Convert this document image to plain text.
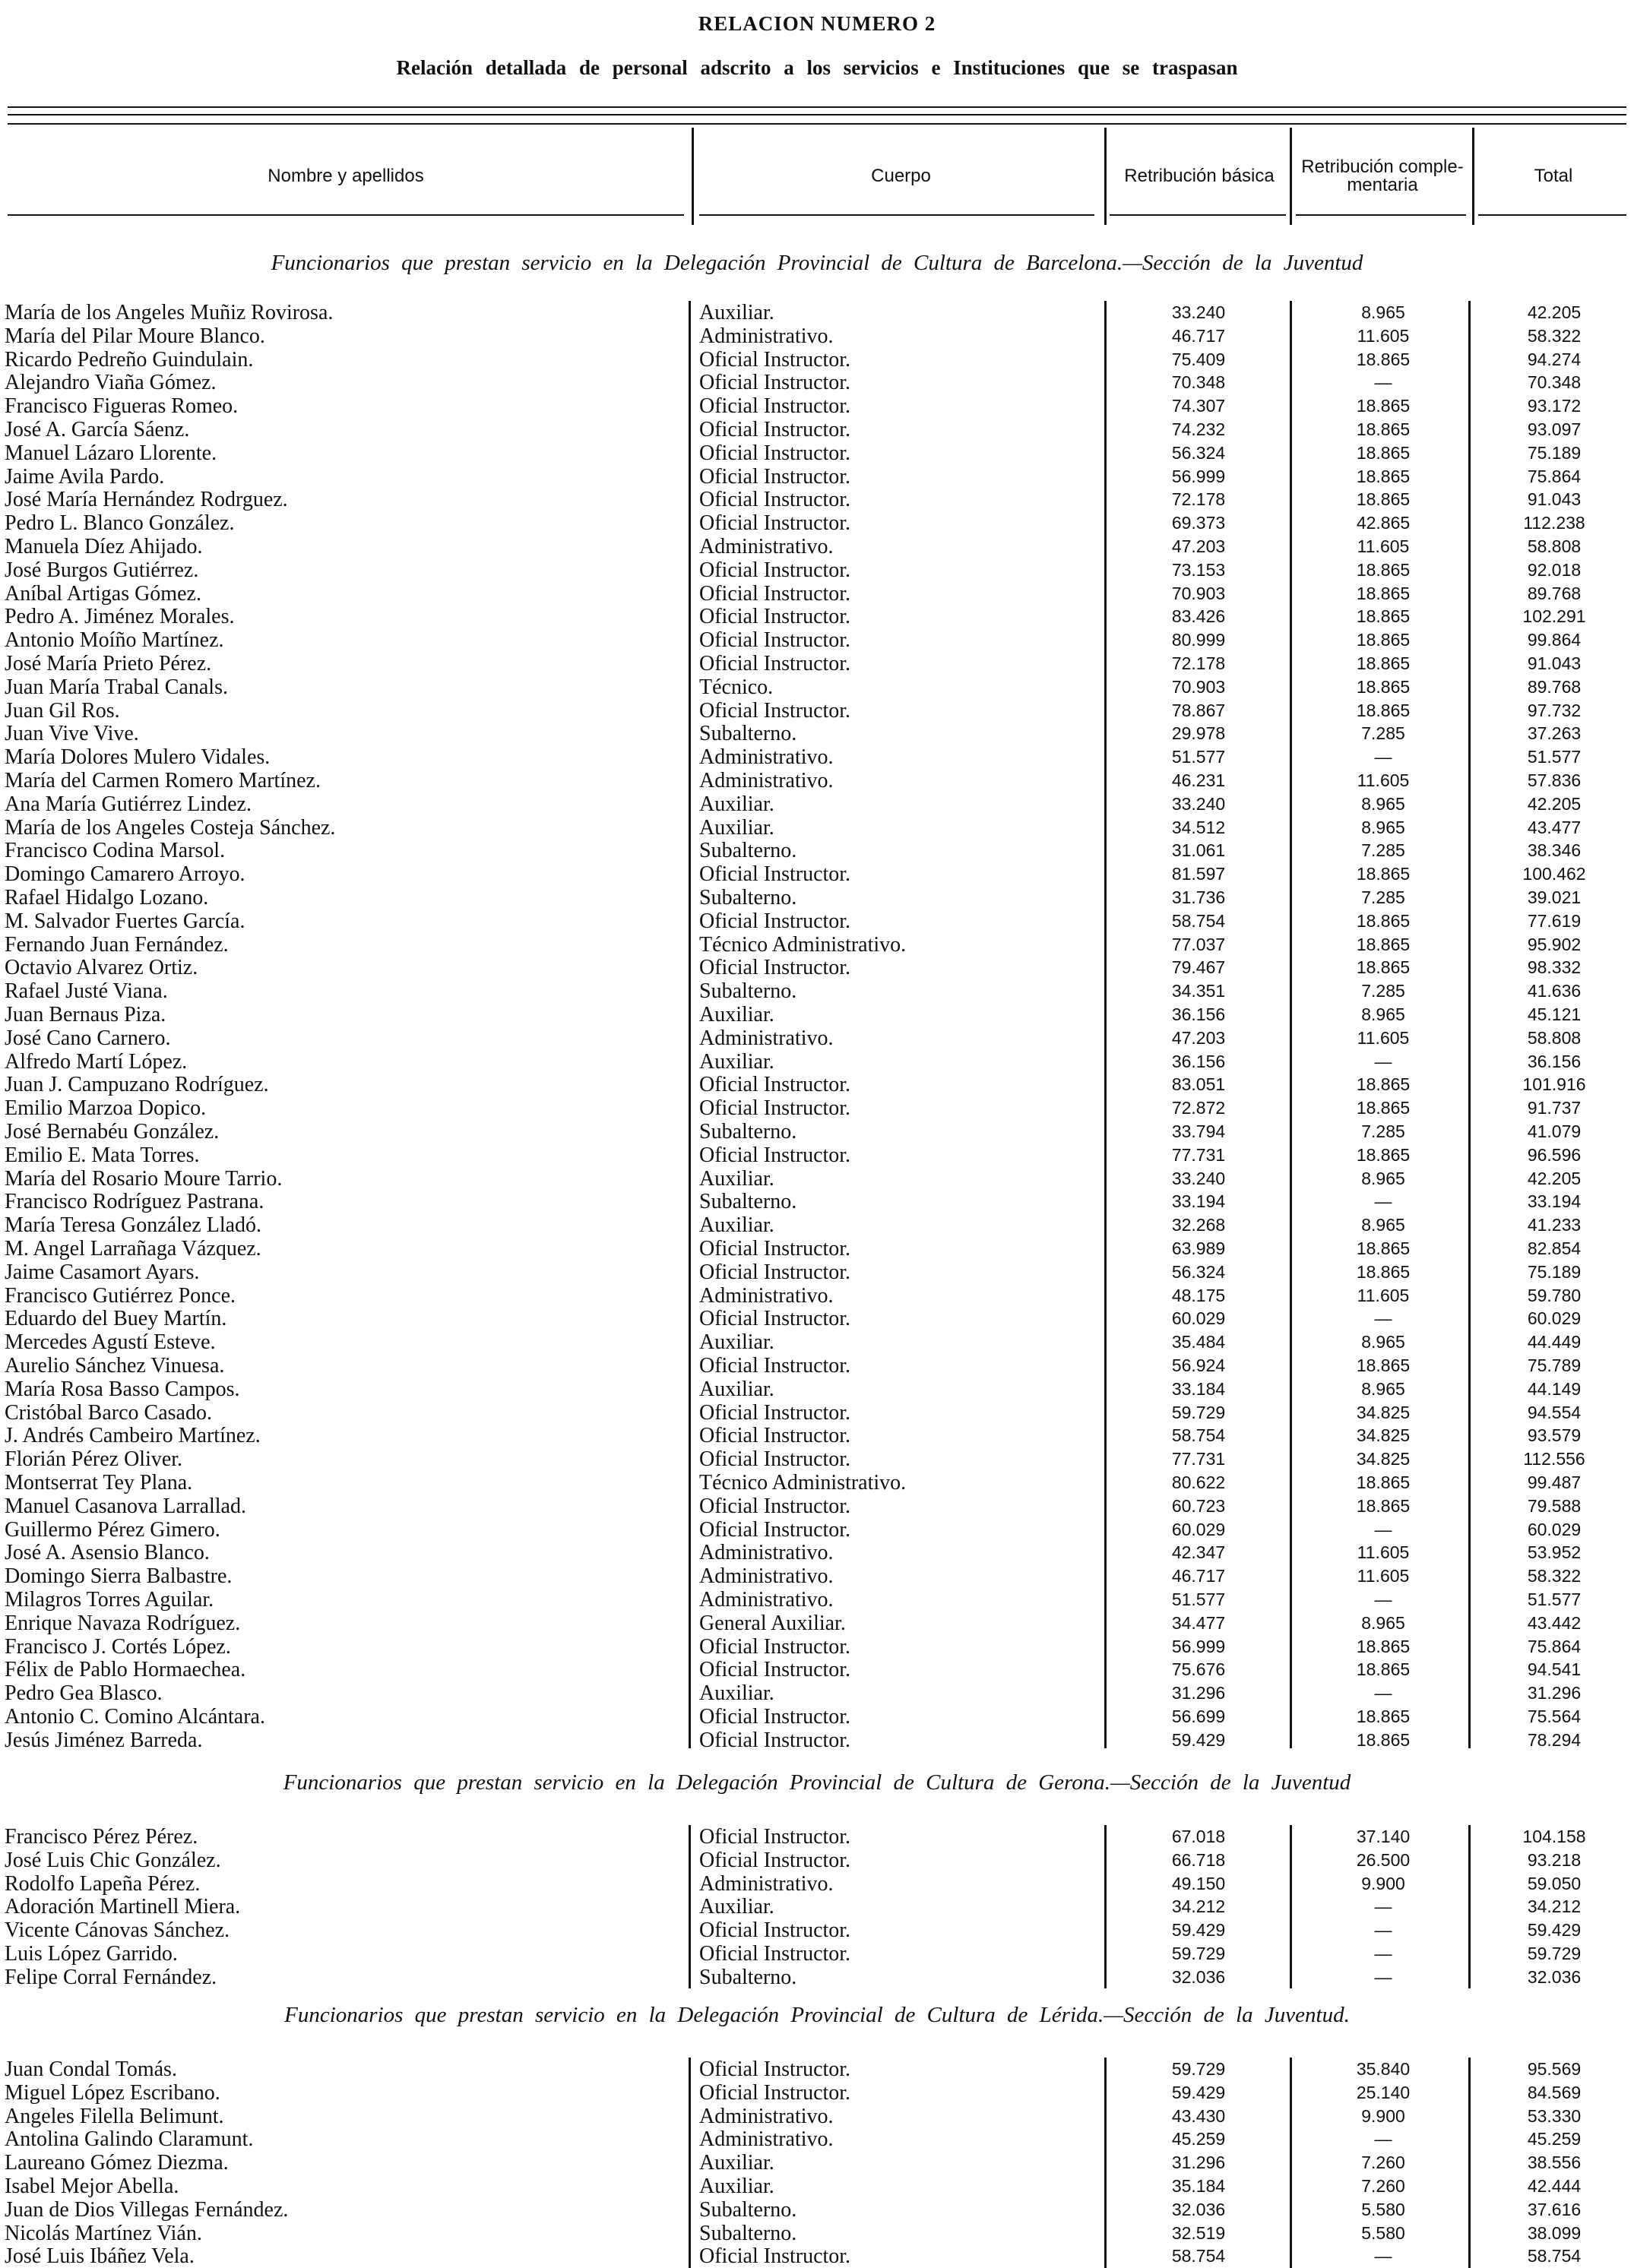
RELACION NUMERO 2
Relación detallada de personal adscrito a los servicios e Instituciones que se traspasan
Nombre y apellidos	Cuerpo	Retribución básica	Retribución comple- mentaria	Total
Funcionarios que prestan servicio en la Delegación Provincial de Cultura de Barcelona.—Sección de la Juventud
Funcionarios que prestan servicio en la Delegación Provincial de Cultura de Gerona.—Sección de la Juventud
Funcionarios que prestan servicio en la Delegación Provincial de Cultura de Lérida.—Sección de la Juventud.
María de los Angeles Muñiz Rovirosa.	Auxiliar.	33.240	8.965	42.205
María del Pilar Moure Blanco.	Administrativo.	46.717	11.605	58.322
Ricardo Pedreño Guindulain.	Oficial Instructor.	75.409	18.865	94.274
Alejandro Viaña Gómez.	Oficial Instructor.	70.348	—	70.348
Francisco Figueras Romeo.	Oficial Instructor.	74.307	18.865	93.172
José A. García Sáenz.	Oficial Instructor.	74.232	18.865	93.097
Manuel Lázaro Llorente.	Oficial Instructor.	56.324	18.865	75.189
Jaime Avila Pardo.	Oficial Instructor.	56.999	18.865	75.864
José María Hernández Rodrguez.	Oficial Instructor.	72.178	18.865	91.043
Pedro L. Blanco González.	Oficial Instructor.	69.373	42.865	112.238
Manuela Díez Ahijado.	Administrativo.	47.203	11.605	58.808
José Burgos Gutiérrez.	Oficial Instructor.	73.153	18.865	92.018
Aníbal Artigas Gómez.	Oficial Instructor.	70.903	18.865	89.768
Pedro A. Jiménez Morales.	Oficial Instructor.	83.426	18.865	102.291
Antonio Moíño Martínez.	Oficial Instructor.	80.999	18.865	99.864
José María Prieto Pérez.	Oficial Instructor.	72.178	18.865	91.043
Juan María Trabal Canals.	Técnico.	70.903	18.865	89.768
Juan Gil Ros.	Oficial Instructor.	78.867	18.865	97.732
Juan Vive Vive.	Subalterno.	29.978	7.285	37.263
María Dolores Mulero Vidales.	Administrativo.	51.577	—	51.577
María del Carmen Romero Martínez.	Administrativo.	46.231	11.605	57.836
Ana María Gutiérrez Lindez.	Auxiliar.	33.240	8.965	42.205
María de los Angeles Costeja Sánchez.	Auxiliar.	34.512	8.965	43.477
Francisco Codina Marsol.	Subalterno.	31.061	7.285	38.346
Domingo Camarero Arroyo.	Oficial Instructor.	81.597	18.865	100.462
Rafael Hidalgo Lozano.	Subalterno.	31.736	7.285	39.021
M. Salvador Fuertes García.	Oficial Instructor.	58.754	18.865	77.619
Fernando Juan Fernández.	Técnico Administrativo.	77.037	18.865	95.902
Octavio Alvarez Ortiz.	Oficial Instructor.	79.467	18.865	98.332
Rafael Justé Viana.	Subalterno.	34.351	7.285	41.636
Juan Bernaus Piza.	Auxiliar.	36.156	8.965	45.121
José Cano Carnero.	Administrativo.	47.203	11.605	58.808
Alfredo Martí López.	Auxiliar.	36.156	—	36.156
Juan J. Campuzano Rodríguez.	Oficial Instructor.	83.051	18.865	101.916
Emilio Marzoa Dopico.	Oficial Instructor.	72.872	18.865	91.737
José Bernabéu González.	Subalterno.	33.794	7.285	41.079
Emilio E. Mata Torres.	Oficial Instructor.	77.731	18.865	96.596
María del Rosario Moure Tarrio.	Auxiliar.	33.240	8.965	42.205
Francisco Rodríguez Pastrana.	Subalterno.	33.194	—	33.194
María Teresa González Lladó.	Auxiliar.	32.268	8.965	41.233
M. Angel Larrañaga Vázquez.	Oficial Instructor.	63.989	18.865	82.854
Jaime Casamort Ayars.	Oficial Instructor.	56.324	18.865	75.189
Francisco Gutiérrez Ponce.	Administrativo.	48.175	11.605	59.780
Eduardo del Buey Martín.	Oficial Instructor.	60.029	—	60.029
Mercedes Agustí Esteve.	Auxiliar.	35.484	8.965	44.449
Aurelio Sánchez Vinuesa.	Oficial Instructor.	56.924	18.865	75.789
María Rosa Basso Campos.	Auxiliar.	33.184	8.965	44.149
Cristóbal Barco Casado.	Oficial Instructor.	59.729	34.825	94.554
J. Andrés Cambeiro Martínez.	Oficial Instructor.	58.754	34.825	93.579
Florián Pérez Oliver.	Oficial Instructor.	77.731	34.825	112.556
Montserrat Tey Plana.	Técnico Administrativo.	80.622	18.865	99.487
Manuel Casanova Larrallad.	Oficial Instructor.	60.723	18.865	79.588
Guillermo Pérez Gimero.	Oficial Instructor.	60.029	—	60.029
José A. Asensio Blanco.	Administrativo.	42.347	11.605	53.952
Domingo Sierra Balbastre.	Administrativo.	46.717	11.605	58.322
Milagros Torres Aguilar.	Administrativo.	51.577	—	51.577
Enrique Navaza Rodríguez.	General Auxiliar.	34.477	8.965	43.442
Francisco J. Cortés López.	Oficial Instructor.	56.999	18.865	75.864
Félix de Pablo Hormaechea.	Oficial Instructor.	75.676	18.865	94.541
Pedro Gea Blasco.	Auxiliar.	31.296	—	31.296
Antonio C. Comino Alcántara.	Oficial Instructor.	56.699	18.865	75.564
Jesús Jiménez Barreda.	Oficial Instructor.	59.429	18.865	78.294
Francisco Pérez Pérez.	Oficial Instructor.	67.018	37.140	104.158
José Luis Chic González.	Oficial Instructor.	66.718	26.500	93.218
Rodolfo Lapeña Pérez.	Administrativo.	49.150	9.900	59.050
Adoración Martinell Miera.	Auxiliar.	34.212	—	34.212
Vicente Cánovas Sánchez.	Oficial Instructor.	59.429	—	59.429
Luis López Garrido.	Oficial Instructor.	59.729	—	59.729
Felipe Corral Fernández.	Subalterno.	32.036	—	32.036
Juan Condal Tomás.	Oficial Instructor.	59.729	35.840	95.569
Miguel López Escribano.	Oficial Instructor.	59.429	25.140	84.569
Angeles Filella Belimunt.	Administrativo.	43.430	9.900	53.330
Antolina Galindo Claramunt.	Administrativo.	45.259	—	45.259
Laureano Gómez Diezma.	Auxiliar.	31.296	7.260	38.556
Isabel Mejor Abella.	Auxiliar.	35.184	7.260	42.444
Juan de Dios Villegas Fernández.	Subalterno.	32.036	5.580	37.616
Nicolás Martínez Vián.	Subalterno.	32.519	5.580	38.099
José Luis Ibáñez Vela.	Oficial Instructor.	58.754	—	58.754
